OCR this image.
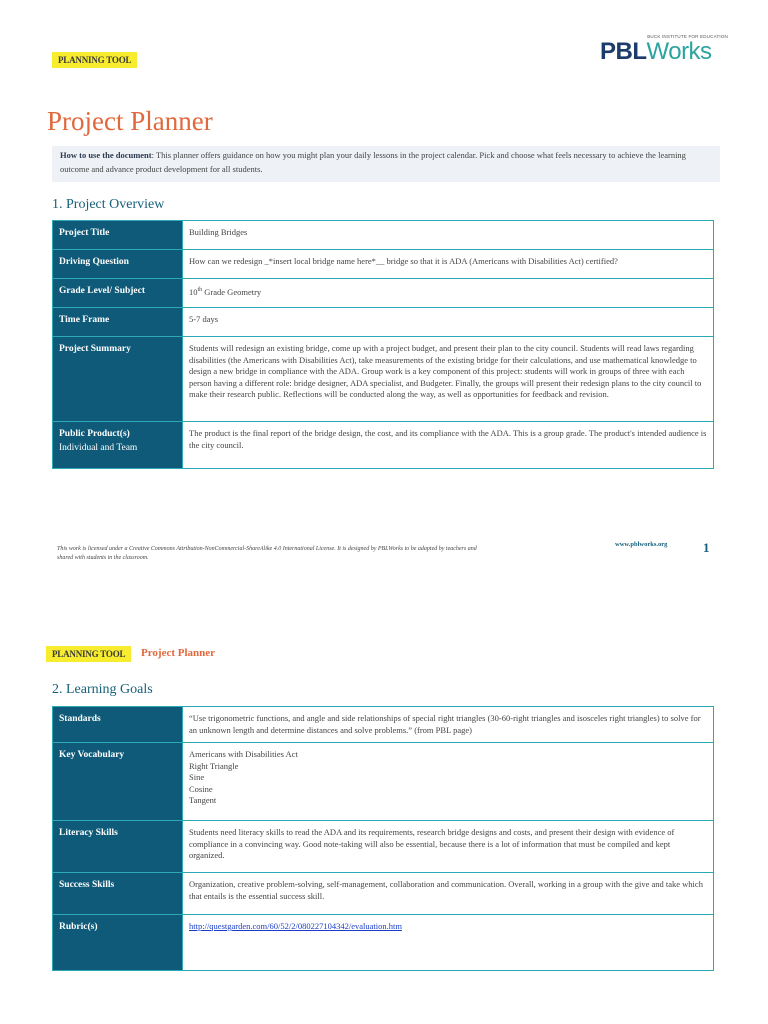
PLANNING TOOL
BUCK INSTITUTE FOR EDUCATION
PBLWorks
Project Planner
How to use the document: This planner offers guidance on how you might plan your daily lessons in the project calendar. Pick and choose what feels necessary to achieve the learning outcome and advance product development for all students.
1. Project Overview
Project Title	Building Bridges
Driving Question	How can we redesign _*insert local bridge name here*__ bridge so that it is ADA (Americans with Disabilities Act) certified?
Grade Level/ Subject	10th Grade Geometry
Time Frame	5-7 days
Project Summary	Students will redesign an existing bridge, come up with a project budget, and present their plan to the city council. Students will read laws regarding disabilities (the Americans with Disabilities Act), take measurements of the existing bridge for their calculations, and use mathematical knowledge to design a new bridge in compliance with the ADA. Group work is a key component of this project: students will work in groups of three with each person having a different role: bridge designer, ADA specialist, and Budgeter. Finally, the groups will present their redesign plans to the city council to make their research public. Reflections will be conducted along the way, as well as opportunities for feedback and revision.
Public Product(s)
Individual and Team	The product is the final report of the bridge design, the cost, and its compliance with the ADA. This is a group grade. The product's intended audience is the city council.
This work is licensed under a Creative Commons Attribution-NonCommercial-ShareAlike 4.0 International License. It is designed by PBLWorks to be adapted by teachers and shared with students in the classroom.
www.pblworks.org	1
PLANNING TOOL	Project Planner
2. Learning Goals
Standards	“Use trigonometric functions, and angle and side relationships of special right triangles (30-60-right triangles and isosceles right triangles) to solve for an unknown length and determine distances and solve problems.” (from PBL page)
Key Vocabulary	Americans with Disabilities Act
Right Triangle
Sine
Cosine
Tangent

Literacy Skills	Students need literacy skills to read the ADA and its requirements, research bridge designs and costs, and present their design with evidence of compliance in a convincing way. Good note-taking will also be essential, because there is a lot of information that must be compiled and kept organized.
Success Skills	Organization, creative problem-solving, self-management, collaboration and communication. Overall, working in a group with the give and take which that entails is the essential success skill.
Rubric(s)	http://questgarden.com/60/52/2/080227104342/evaluation.htm
